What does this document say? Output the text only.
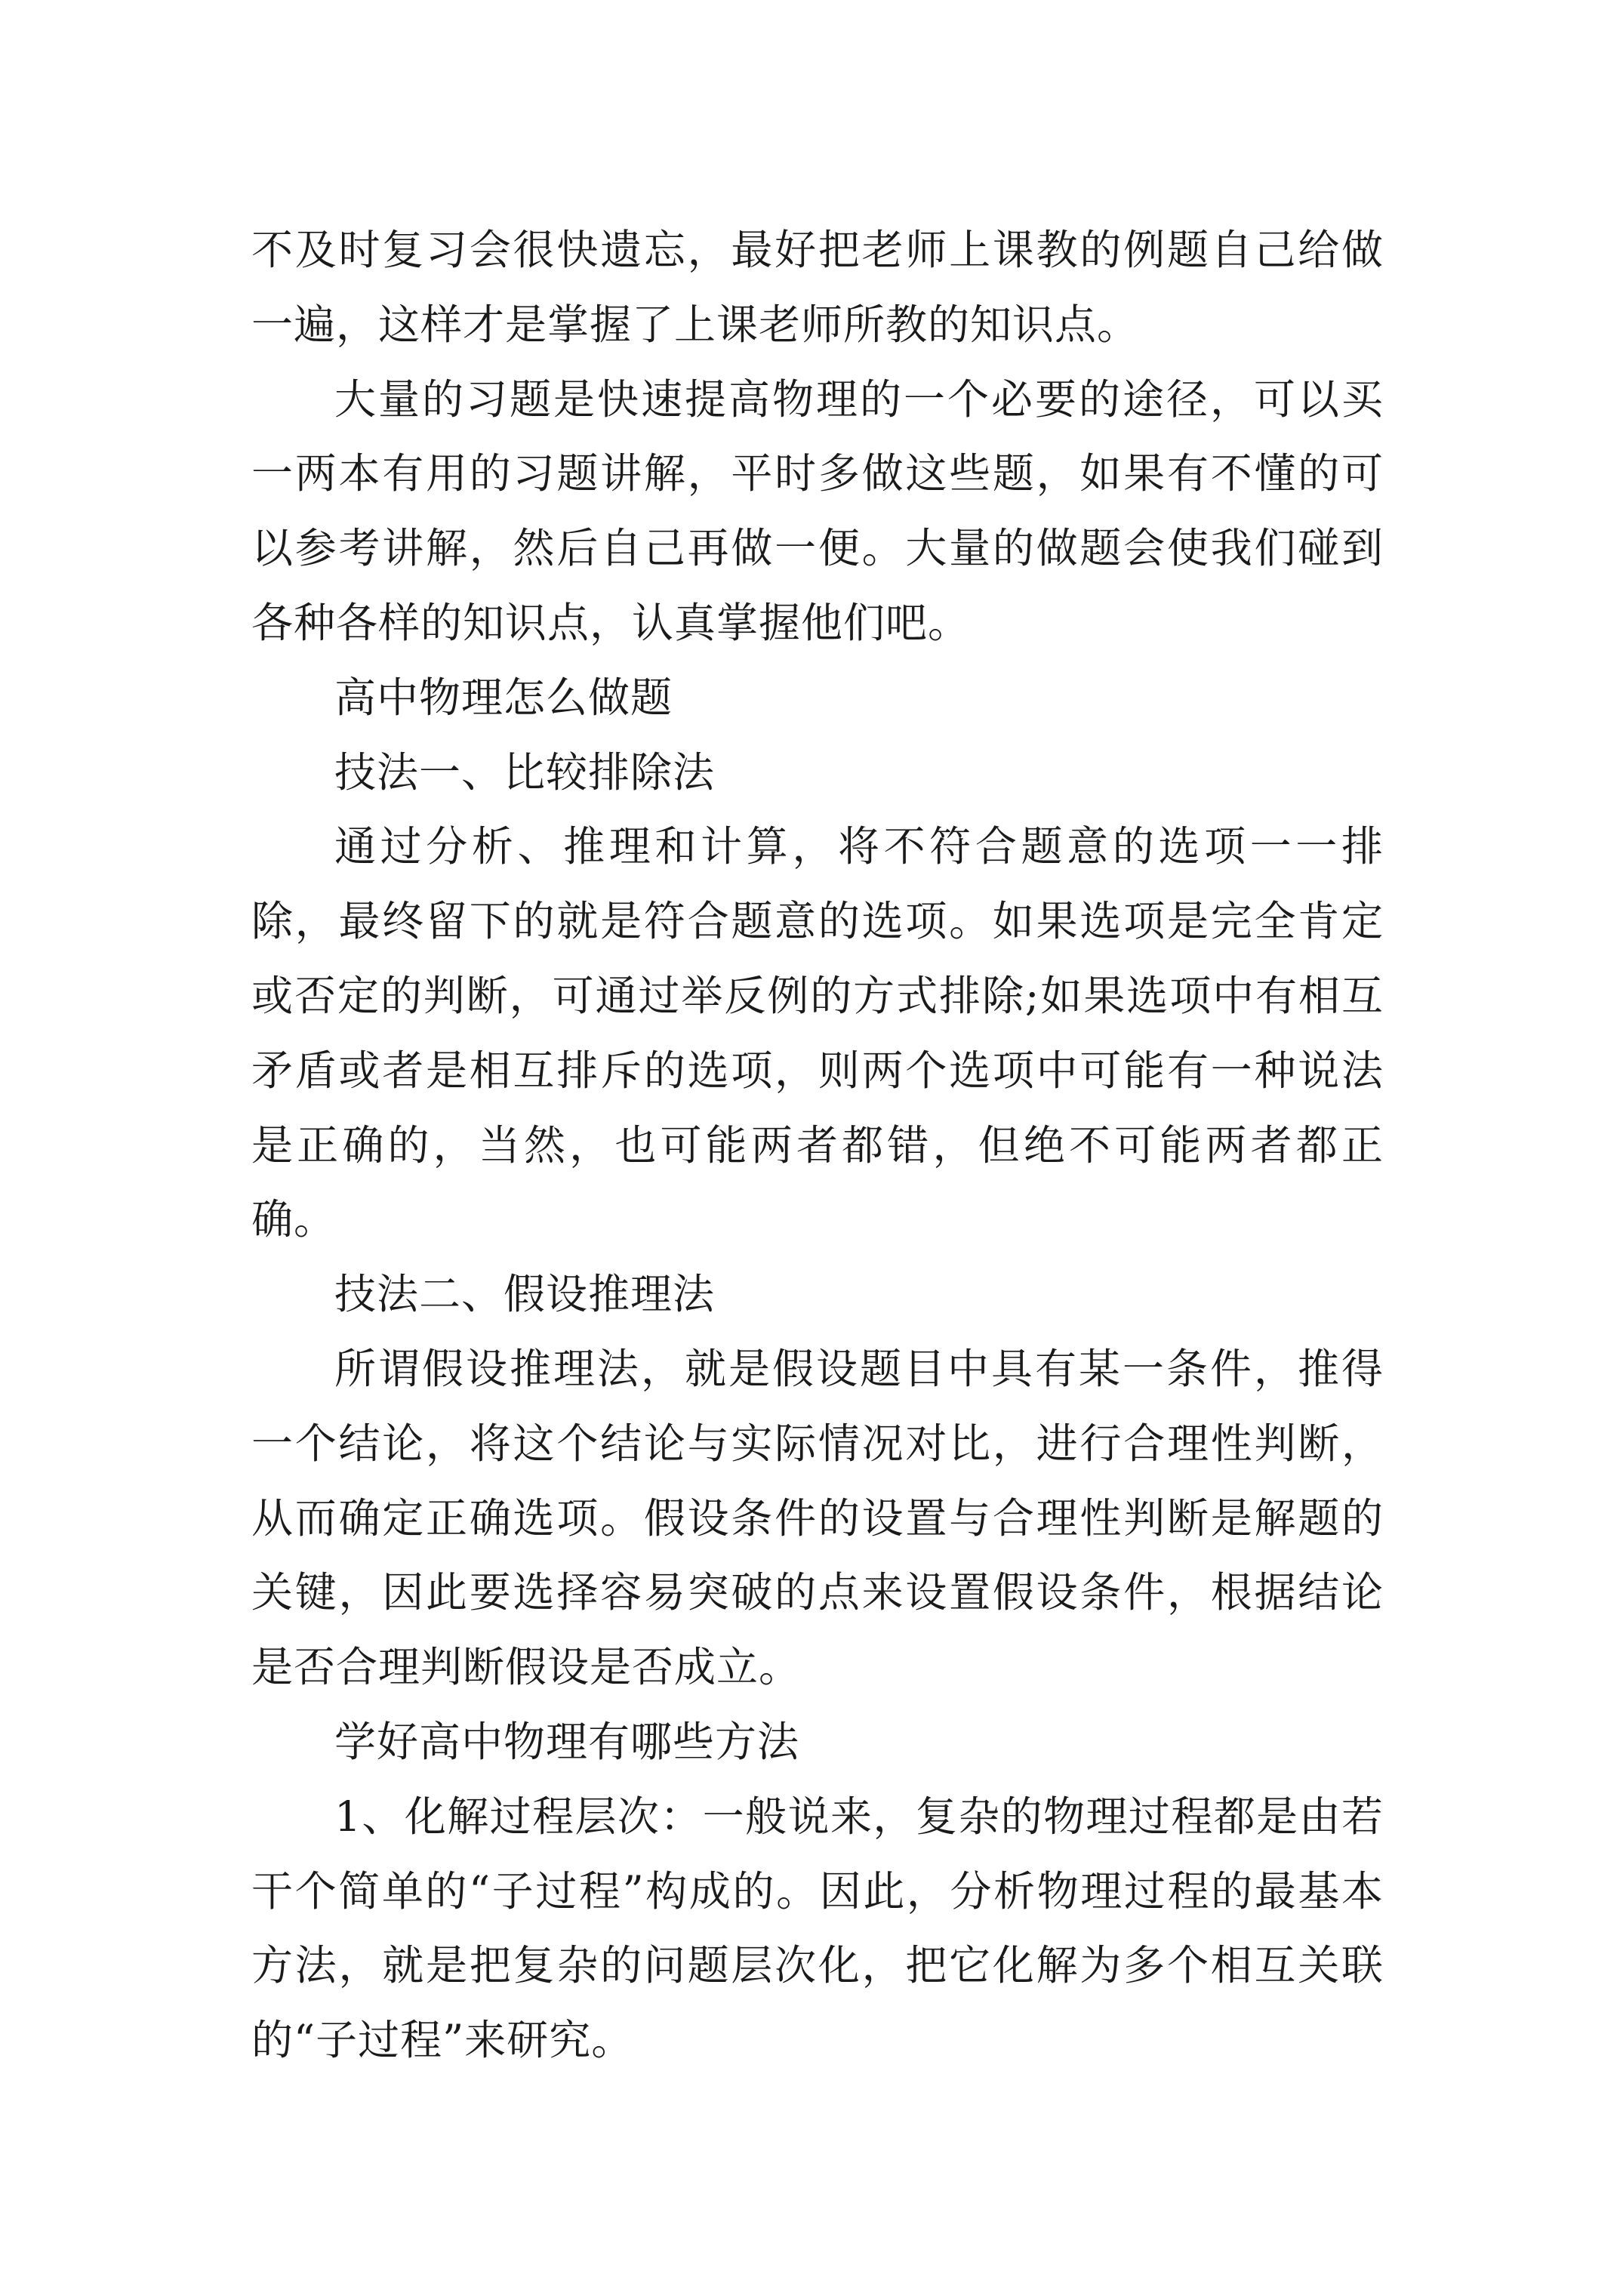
不及时复习会很快遗忘，最好把老师上课教的例题自己给做一遍，这样才是掌握了上课老师所教的知识点。

大量的习题是快速提高物理的一个必要的途径，可以买一两本有用的习题讲解，平时多做这些题，如果有不懂的可以参考讲解，然后自己再做一便。大量的做题会使我们碰到各种各样的知识点，认真掌握他们吧。

高中物理怎么做题

技法一、比较排除法

通过分析、推理和计算，将不符合题意的选项一一排除，最终留下的就是符合题意的选项。如果选项是完全肯定或否定的判断，可通过举反例的方式排除;如果选项中有相互矛盾或者是相互排斥的选项，则两个选项中可能有一种说法是正确的，当然，也可能两者都错，但绝不可能两者都正确。

技法二、假设推理法

所谓假设推理法，就是假设题目中具有某一条件，推得一个结论，将这个结论与实际情况对比，进行合理性判断，从而确定正确选项。假设条件的设置与合理性判断是解题的关键，因此要选择容易突破的点来设置假设条件，根据结论是否合理判断假设是否成立。

学好高中物理有哪些方法

1、化解过程层次：一般说来，复杂的物理过程都是由若干个简单的“子过程”构成的。因此，分析物理过程的最基本方法，就是把复杂的问题层次化，把它化解为多个相互关联的“子过程”来研究。
